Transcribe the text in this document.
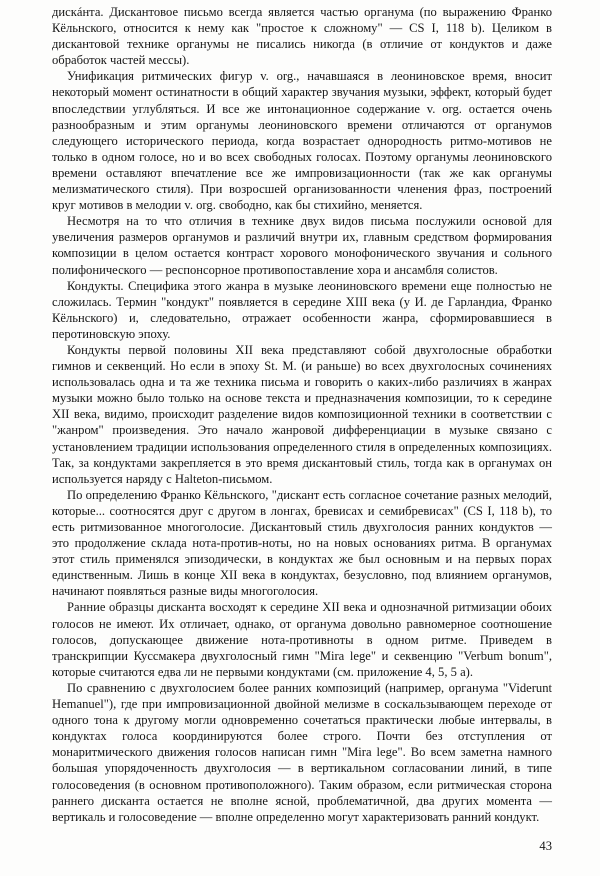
дискáнта. Дискантовое письмо всегда является частью органума (по выражению Франко Кёльнского, относится к нему как "простое к сложному" — CS I, 118 b). Целиком в дискантовой технике органумы не писались никогда (в отличие от кондуктов и даже обработок частей мессы).

Унификация ритмических фигур v. org., начавшаяся в леониновское время, вносит некоторый момент остинатности в общий характер звучания музыки, эффект, который будет впоследствии углубляться. И все же интонационное содержание v. org. остается очень разнообразным и этим органумы леониновского времени отличаются от органумов следующего исторического периода, когда возрастает однородность ритмо-мотивов не только в одном голосе, но и во всех свободных голосах. Поэтому органумы леониновского времени оставляют впечатление все же импровизационности (так же как органумы мелизматического стиля). При возросшей организованности членения фраз, построений круг мотивов в мелодии v. org. свободно, как бы стихийно, меняется.

Несмотря на то что отличия в технике двух видов письма послужили основой для увеличения размеров органумов и различий внутри их, главным средством формирования композиции в целом остается контраст хорового монофонического звучания и сольного полифонического — респонсорное противопоставление хора и ансамбля солистов.

Кондукты. Специфика этого жанра в музыке леониновского времени еще полностью не сложилась. Термин "кондукт" появляется в середине XIII века (у И. де Гарландиа, Франко Кёльнского) и, следовательно, отражает особенности жанра, сформировавшиеся в перотиновскую эпоху.

Кондукты первой половины XII века представляют собой двухголосные обработки гимнов и секвенций. Но если в эпоху St. M. (и раньше) во всех двухголосных сочинениях использовалась одна и та же техника письма и говорить о каких-либо различиях в жанрах музыки можно было только на основе текста и предназначения композиции, то к середине XII века, видимо, происходит разделение видов композиционной техники в соответствии с "жанром" произведения. Это начало жанровой дифференциации в музыке связано с установлением традиции использования определенного стиля в определенных композициях. Так, за кондуктами закрепляется в это время дискантовый стиль, тогда как в органумах он используется наряду с Halteton-письмом.

По определению Франко Кёльнского, "дискант есть согласное сочетание разных мелодий, которые... соотносятся друг с другом в лонгах, бревисах и семибревисах" (CS I, 118 b), то есть ритмизованное многоголосие. Дискантовый стиль двухголосия ранних кондуктов — это продолжение склада нота-против-ноты, но на новых основаниях ритма. В органумах этот стиль применялся эпизодически, в кондуктах же был основным и на первых порах единственным. Лишь в конце XII века в кондуктах, безусловно, под влиянием органумов, начинают появляться разные виды многоголосия.

Ранние образцы дисканта восходят к середине XII века и однозначной ритмизации обоих голосов не имеют. Их отличает, однако, от органума довольно равномерное соотношение голосов, допускающее движение нота-противноты в одном ритме. Приведем в транскрипции Куссмакера двухголосный гимн "Mira lege" и секвенцию "Verbum bonum", которые считаются едва ли не первыми кондуктами (см. приложение 4, 5, 5 а).

По сравнению с двухголосием более ранних композиций (например, органума "Viderunt Hemanuel"), где при импровизационной двойной мелизме в соскальзывающем переходе от одного тона к другому могли одновременно сочетаться практически любые интервалы, в кондуктах голоса координируются более строго. Почти без отступления от монаритмического движения голосов написан гимн "Mira lege". Во всем заметна намного большая упорядоченность двухголосия — в вертикальном согласовании линий, в типе голосоведения (в основном противоположного). Таким образом, если ритмическая сторона раннего дисканта остается не вполне ясной, проблематичной, два других момента — вертикаль и голосоведение — вполне определенно могут характеризовать ранний кондукт.

43
